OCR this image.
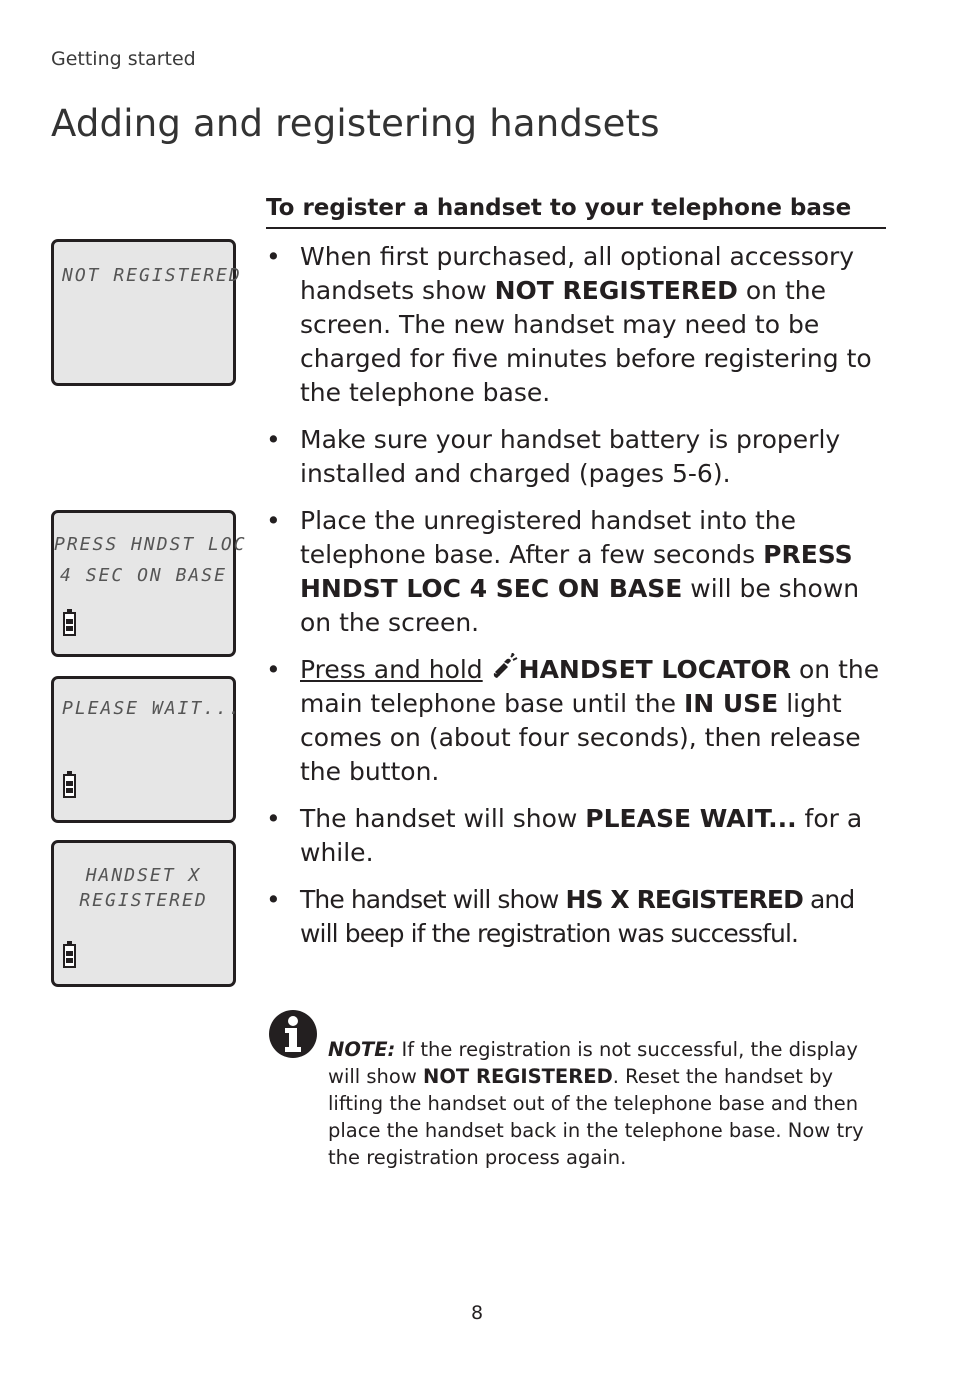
Getting started
Adding and registering handsets
To register a handset to your telephone base
NOT REGISTERED
PRESS HNDST LOC
4 SEC ON BASE
PLEASE WAIT...
HANDSET X
REGISTERED
• When first purchased, all optional accessory handsets show NOT REGISTERED on the screen. The new handset may need to be charged for five minutes before registering to the telephone base.
• Make sure your handset battery is properly installed and charged (pages 5-6).
• Place the unregistered handset into the telephone base. After a few seconds PRESS HNDST LOC 4 SEC ON BASE will be shown on the screen.
• Press and hold HANDSET LOCATOR on the main telephone base until the IN USE light comes on (about four seconds), then release the button.
• The handset will show PLEASE WAIT... for a while.
• The handset will show HS X REGISTERED and will beep if the registration was successful.
NOTE: If the registration is not successful, the display will show NOT REGISTERED. Reset the handset by lifting the handset out of the telephone base and then place the handset back in the telephone base. Now try the registration process again.
8
